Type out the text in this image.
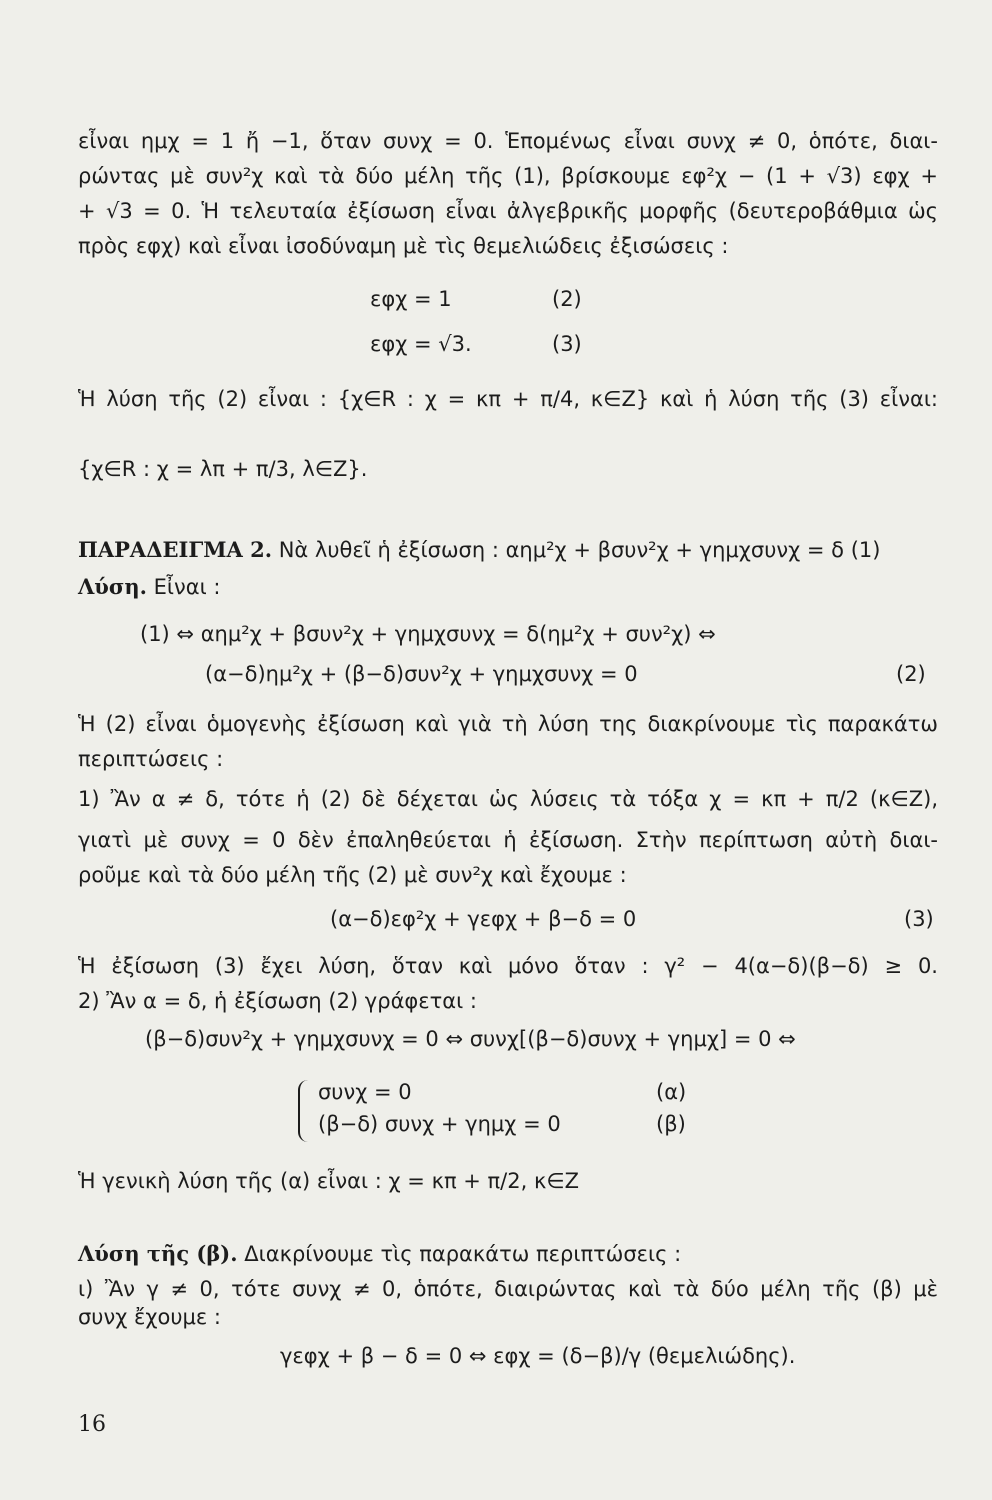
εἶναι ημχ = 1 ἤ −1, ὅταν συνχ = 0. Ἑπομένως εἶναι συνχ ≠ 0, ὁπότε, διαι-
ρώντας μὲ συν²χ καὶ τὰ δύο μέλη τῆς (1), βρίσκουμε εφ²χ − (1 + √3) εφχ +
+ √3 = 0. Ἡ τελευταία ἐξίσωση εἶναι ἀλγεβρικῆς μορφῆς (δευτεροβάθμια ὡς
πρὸς εφχ) καὶ εἶναι ἰσοδύναμη μὲ τὶς θεμελιώδεις ἐξισώσεις :
εφχ = 1	(2)
εφχ = √3.	(3)
Ἡ λύση τῆς (2) εἶναι : {χ∈R : χ = κπ + π/4, κ∈Z} καὶ ἡ λύση τῆς (3) εἶναι:
{χ∈R : χ = λπ + π/3, λ∈Z}.
ΠΑΡΑΔΕΙΓΜΑ 2. Νὰ λυθεῖ ἡ ἐξίσωση : αημ²χ + βσυν²χ + γημχσυνχ = δ (1)
Λύση. Εἶναι :
(1) ⇔ αημ²χ + βσυν²χ + γημχσυνχ = δ(ημ²χ + συν²χ) ⇔
(α−δ)ημ²χ + (β−δ)συν²χ + γημχσυνχ = 0	(2)
Ἡ (2) εἶναι ὁμογενὴς ἐξίσωση καὶ γιὰ τὴ λύση της διακρίνουμε τὶς παρακάτω
περιπτώσεις :
1) Ἂν α ≠ δ, τότε ἡ (2) δὲ δέχεται ὡς λύσεις τὰ τόξα χ = κπ + π/2 (κ∈Z),
γιατὶ μὲ συνχ = 0 δὲν ἐπαληθεύεται ἡ ἐξίσωση. Στὴν περίπτωση αὐτὴ διαι-
ροῦμε καὶ τὰ δύο μέλη τῆς (2) μὲ συν²χ καὶ ἔχουμε :
(α−δ)εφ²χ + γεφχ + β−δ = 0	(3)
Ἡ ἐξίσωση (3) ἔχει λύση, ὅταν καὶ μόνο ὅταν : γ² − 4(α−δ)(β−δ) ≥ 0.
2) Ἂν α = δ, ἡ ἐξίσωση (2) γράφεται :
(β−δ)συν²χ + γημχσυνχ = 0 ⇔ συνχ[(β−δ)συνχ + γημχ] = 0 ⇔
συνχ = 0	(α)
(β−δ) συνχ + γημχ = 0	(β)
Ἡ γενικὴ λύση τῆς (α) εἶναι : χ = κπ + π/2, κ∈Z
Λύση τῆς (β). Διακρίνουμε τὶς παρακάτω περιπτώσεις :
ι) Ἂν γ ≠ 0, τότε συνχ ≠ 0, ὁπότε, διαιρώντας καὶ τὰ δύο μέλη τῆς (β) μὲ
συνχ ἔχουμε :
γεφχ + β − δ = 0 ⇔ εφχ = (δ−β)/γ (θεμελιώδης).
16
